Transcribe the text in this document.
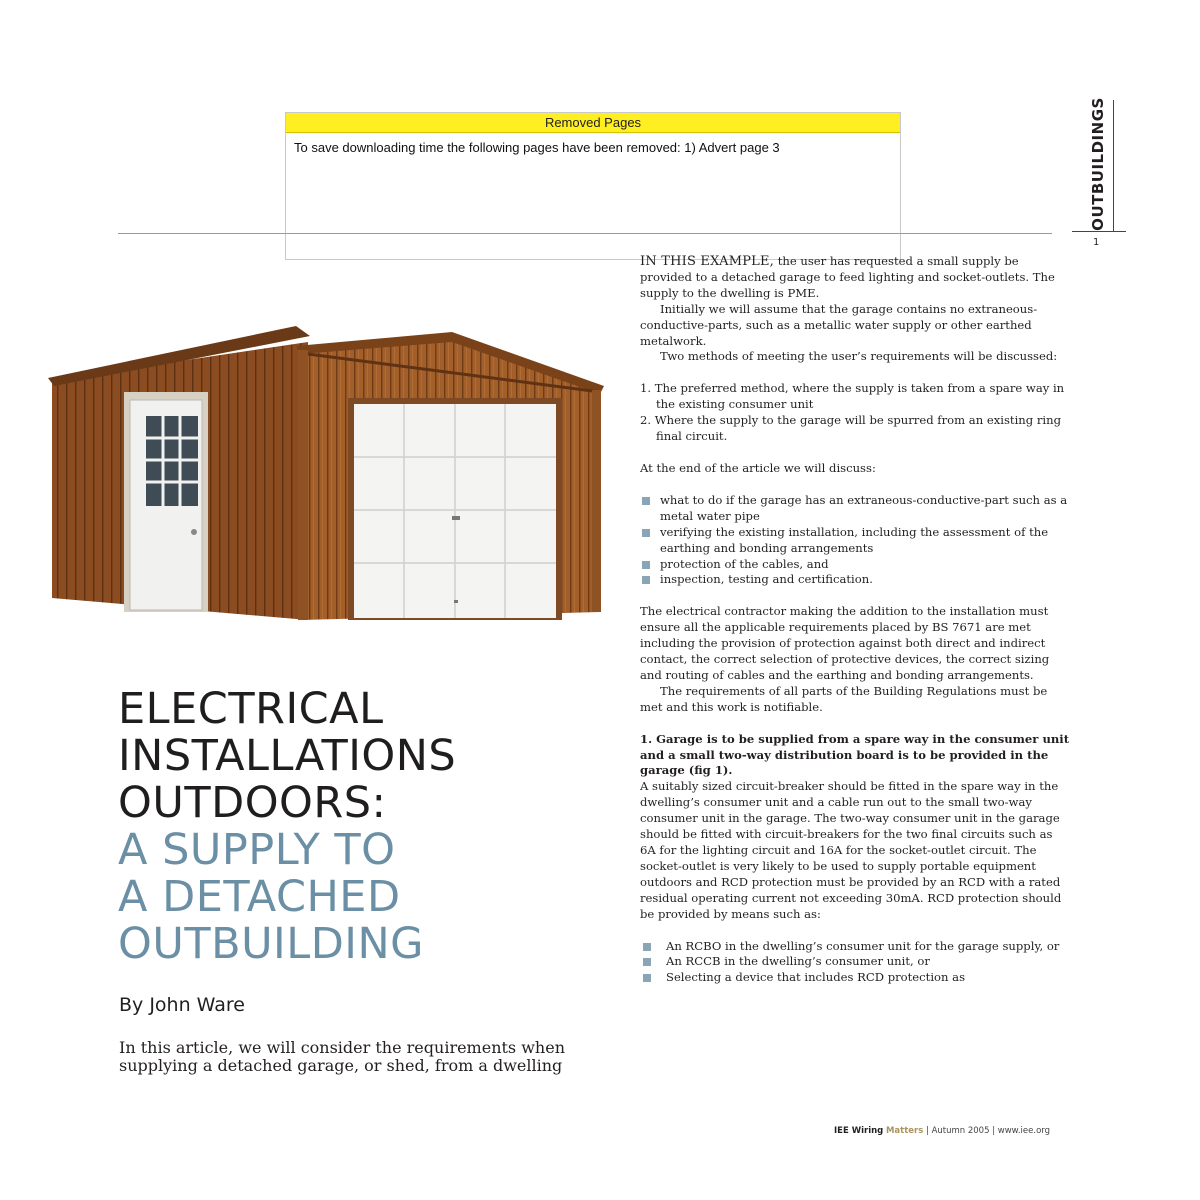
Removed Pages
To save downloading time the following pages have been removed: 1) Advert page 3	OUTBUILDINGS
1
ELECTRICAL
INSTALLATIONS
OUTDOORS:
A SUPPLY TO
A DETACHED
OUTBUILDING
By John Ware
In this article, we will consider the requirements when supplying a detached garage, or shed, from a dwelling

IN THIS EXAMPLE, the user has requested a small supply be provided to a detached garage to feed lighting and socket-outlets. The supply to the dwelling is PME.

Initially we will assume that the garage contains no extraneous-conductive-parts, such as a metallic water supply or other earthed metalwork.

Two methods of meeting the user’s requirements will be discussed:

1. The preferred method, where the supply is taken from a spare way in the existing consumer unit

2. Where the supply to the garage will be spurred from an existing ring final circuit.

At the end of the article we will discuss:

what to do if the garage has an extraneous-conductive-part such as a metal water pipe

verifying the existing installation, including the assessment of the earthing and bonding arrangements

protection of the cables, and

inspection, testing and certification.

The electrical contractor making the addition to the installation must ensure all the applicable requirements placed by BS 7671 are met including the provision of protection against both direct and indirect contact, the correct selection of protective devices, the correct sizing and routing of cables and the earthing and bonding arrangements.

The requirements of all parts of the Building Regulations must be met and this work is notifiable.

1. Garage is to be supplied from a spare way in the consumer unit and a small two-way distribution board is to be provided in the garage (fig 1).

A suitably sized circuit-breaker should be fitted in the spare way in the dwelling’s consumer unit and a cable run out to the small two-way consumer unit in the garage. The two-way consumer unit in the garage should be fitted with circuit-breakers for the two final circuits such as 6A for the lighting circuit and 16A for the socket-outlet circuit. The socket-outlet is very likely to be used to supply portable equipment outdoors and RCD protection must be provided by an RCD with a rated residual operating current not exceeding 30mA. RCD protection should be provided by means such as:

An RCBO in the dwelling’s consumer unit for the garage supply, or

An RCCB in the dwelling’s consumer unit, or

Selecting a device that includes RCD protection as

IEE Wiring Matters | Autumn 2005 | www.iee.org
